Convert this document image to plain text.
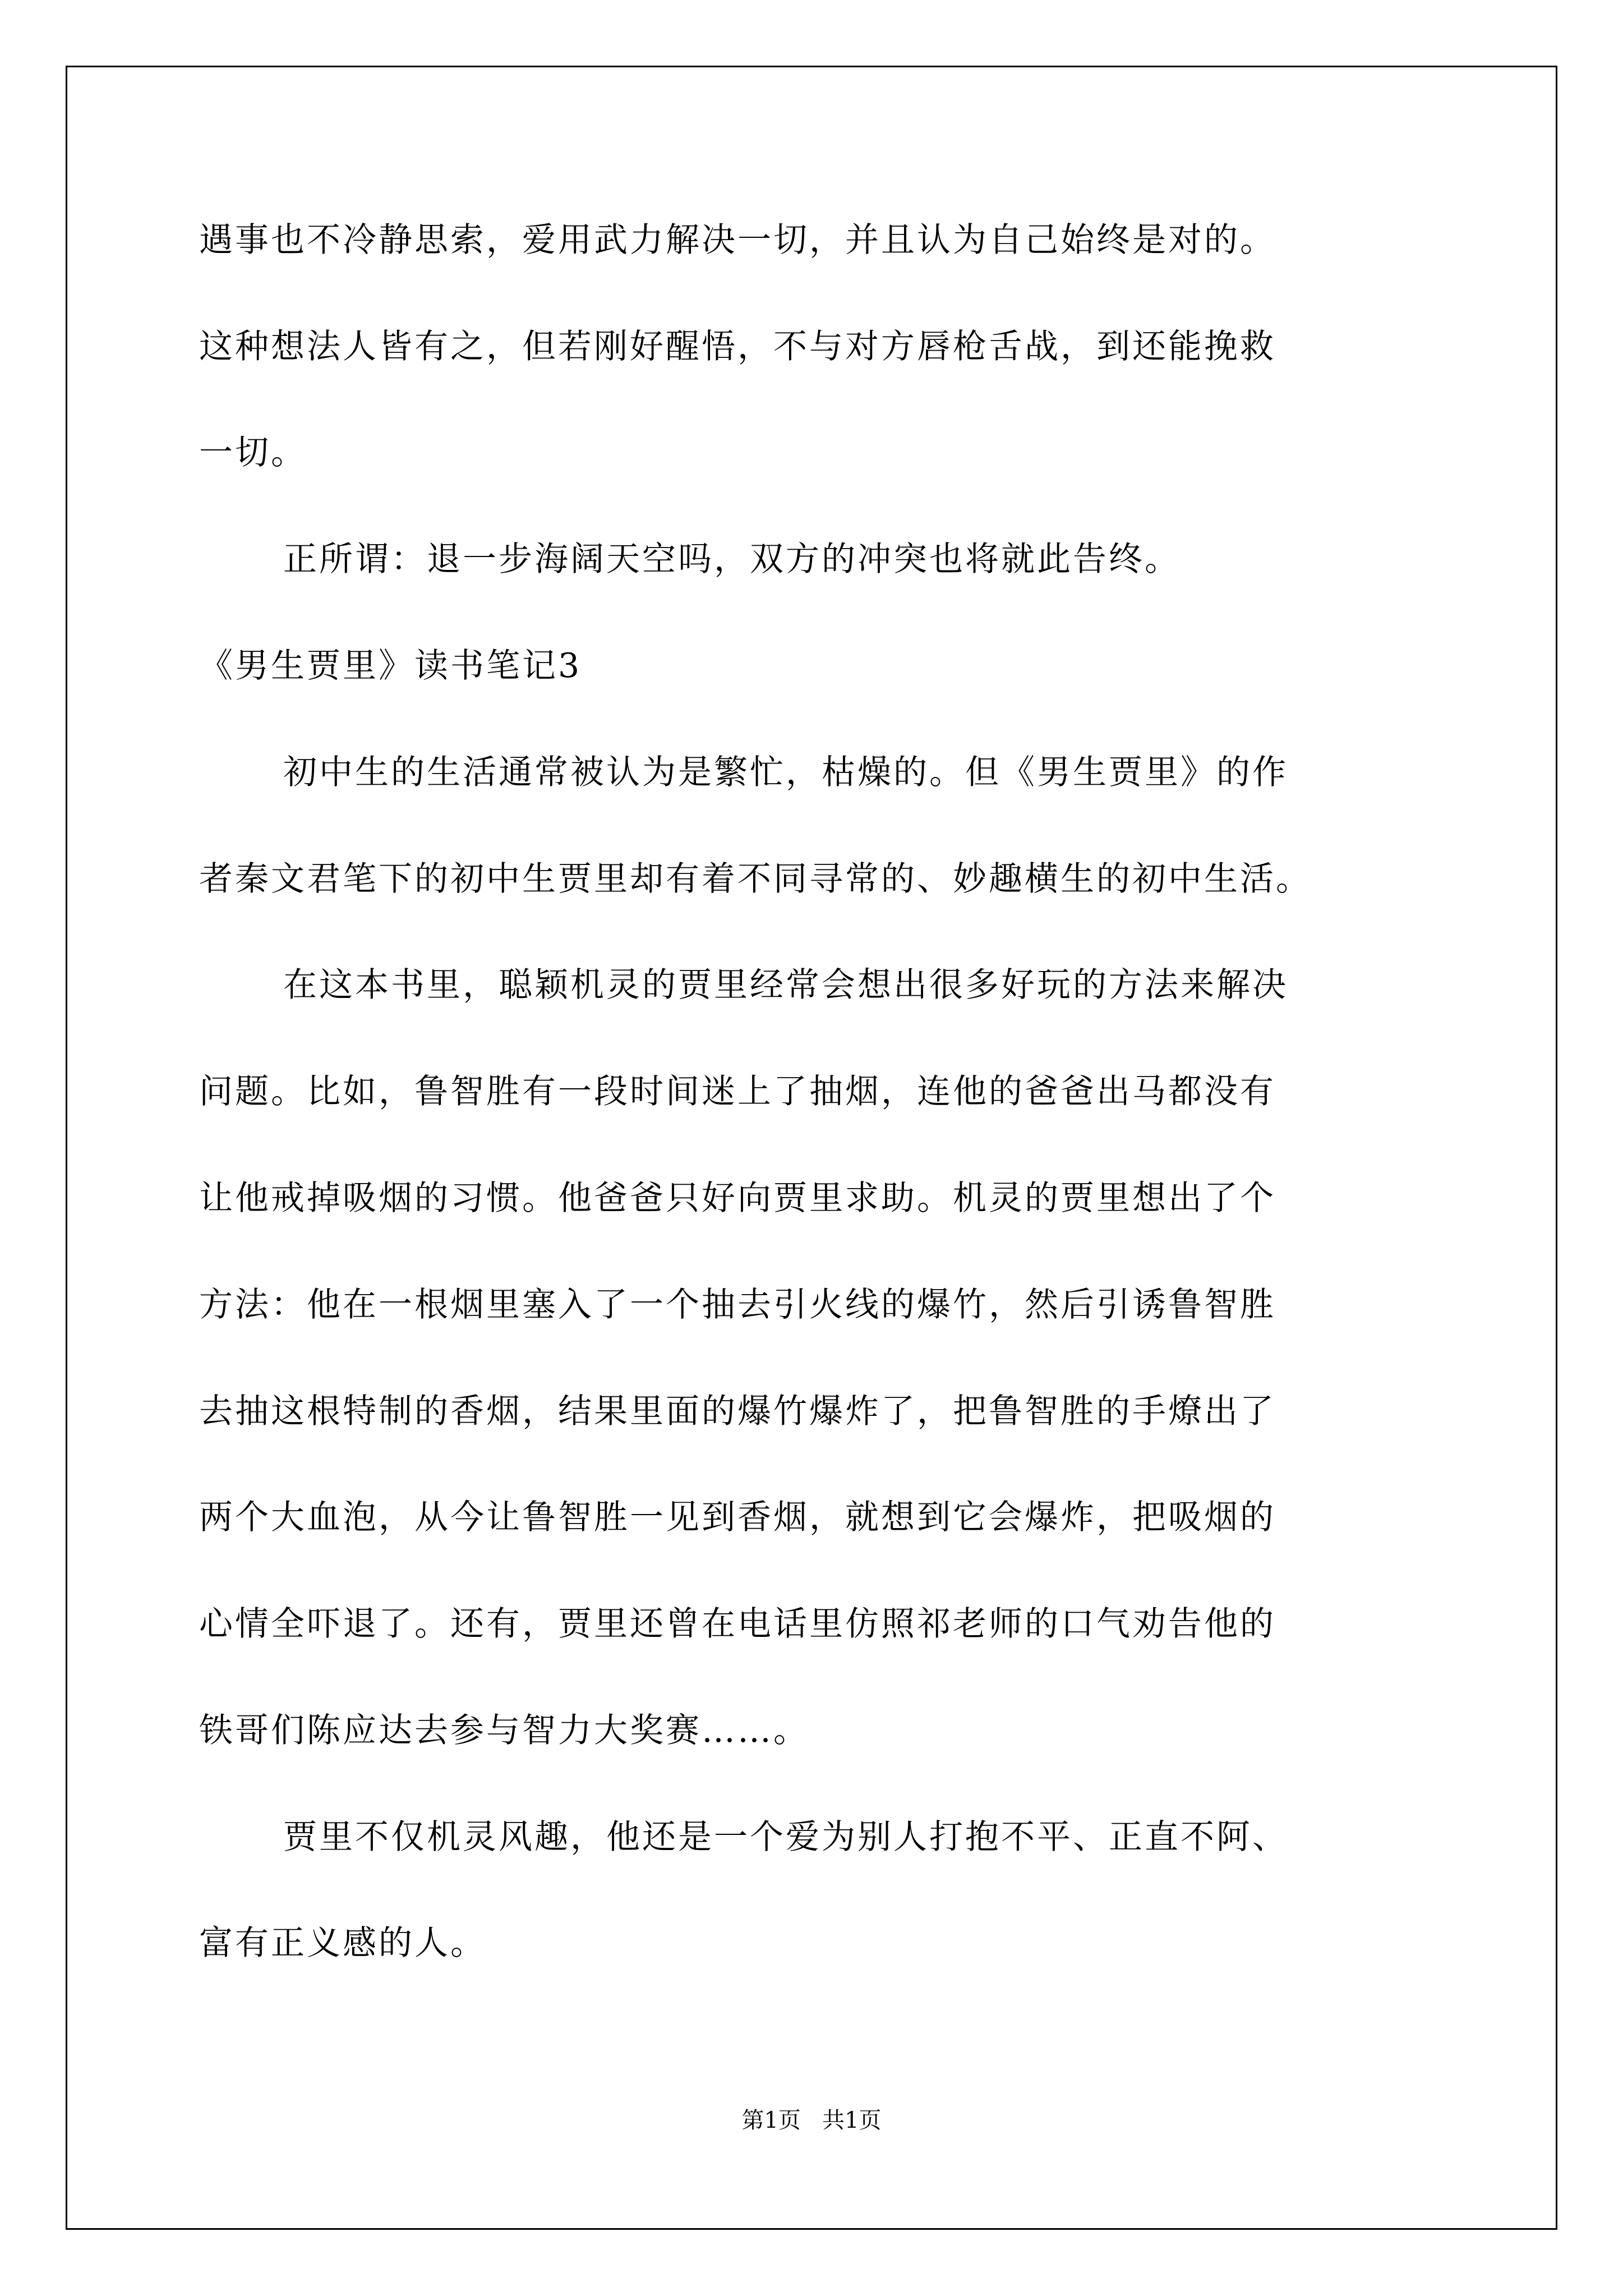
遇事也不冷静思索，爱用武力解决一切，并且认为自己始终是对的。
这种想法人皆有之，但若刚好醒悟，不与对方唇枪舌战，到还能挽救
一切。
正所谓：退一步海阔天空吗，双方的冲突也将就此告终。
《男生贾里》读书笔记3
初中生的生活通常被认为是繁忙，枯燥的。但《男生贾里》的作
者秦文君笔下的初中生贾里却有着不同寻常的、妙趣横生的初中生活。
在这本书里，聪颖机灵的贾里经常会想出很多好玩的方法来解决
问题。比如，鲁智胜有一段时间迷上了抽烟，连他的爸爸出马都没有
让他戒掉吸烟的习惯。他爸爸只好向贾里求助。机灵的贾里想出了个
方法：他在一根烟里塞入了一个抽去引火线的爆竹，然后引诱鲁智胜
去抽这根特制的香烟，结果里面的爆竹爆炸了，把鲁智胜的手燎出了
两个大血泡，从今让鲁智胜一见到香烟，就想到它会爆炸，把吸烟的
心情全吓退了。还有，贾里还曾在电话里仿照祁老师的口气劝告他的
铁哥们陈应达去参与智力大奖赛……。
贾里不仅机灵风趣，他还是一个爱为别人打抱不平、正直不阿、
富有正义感的人。
第1页   共1页
